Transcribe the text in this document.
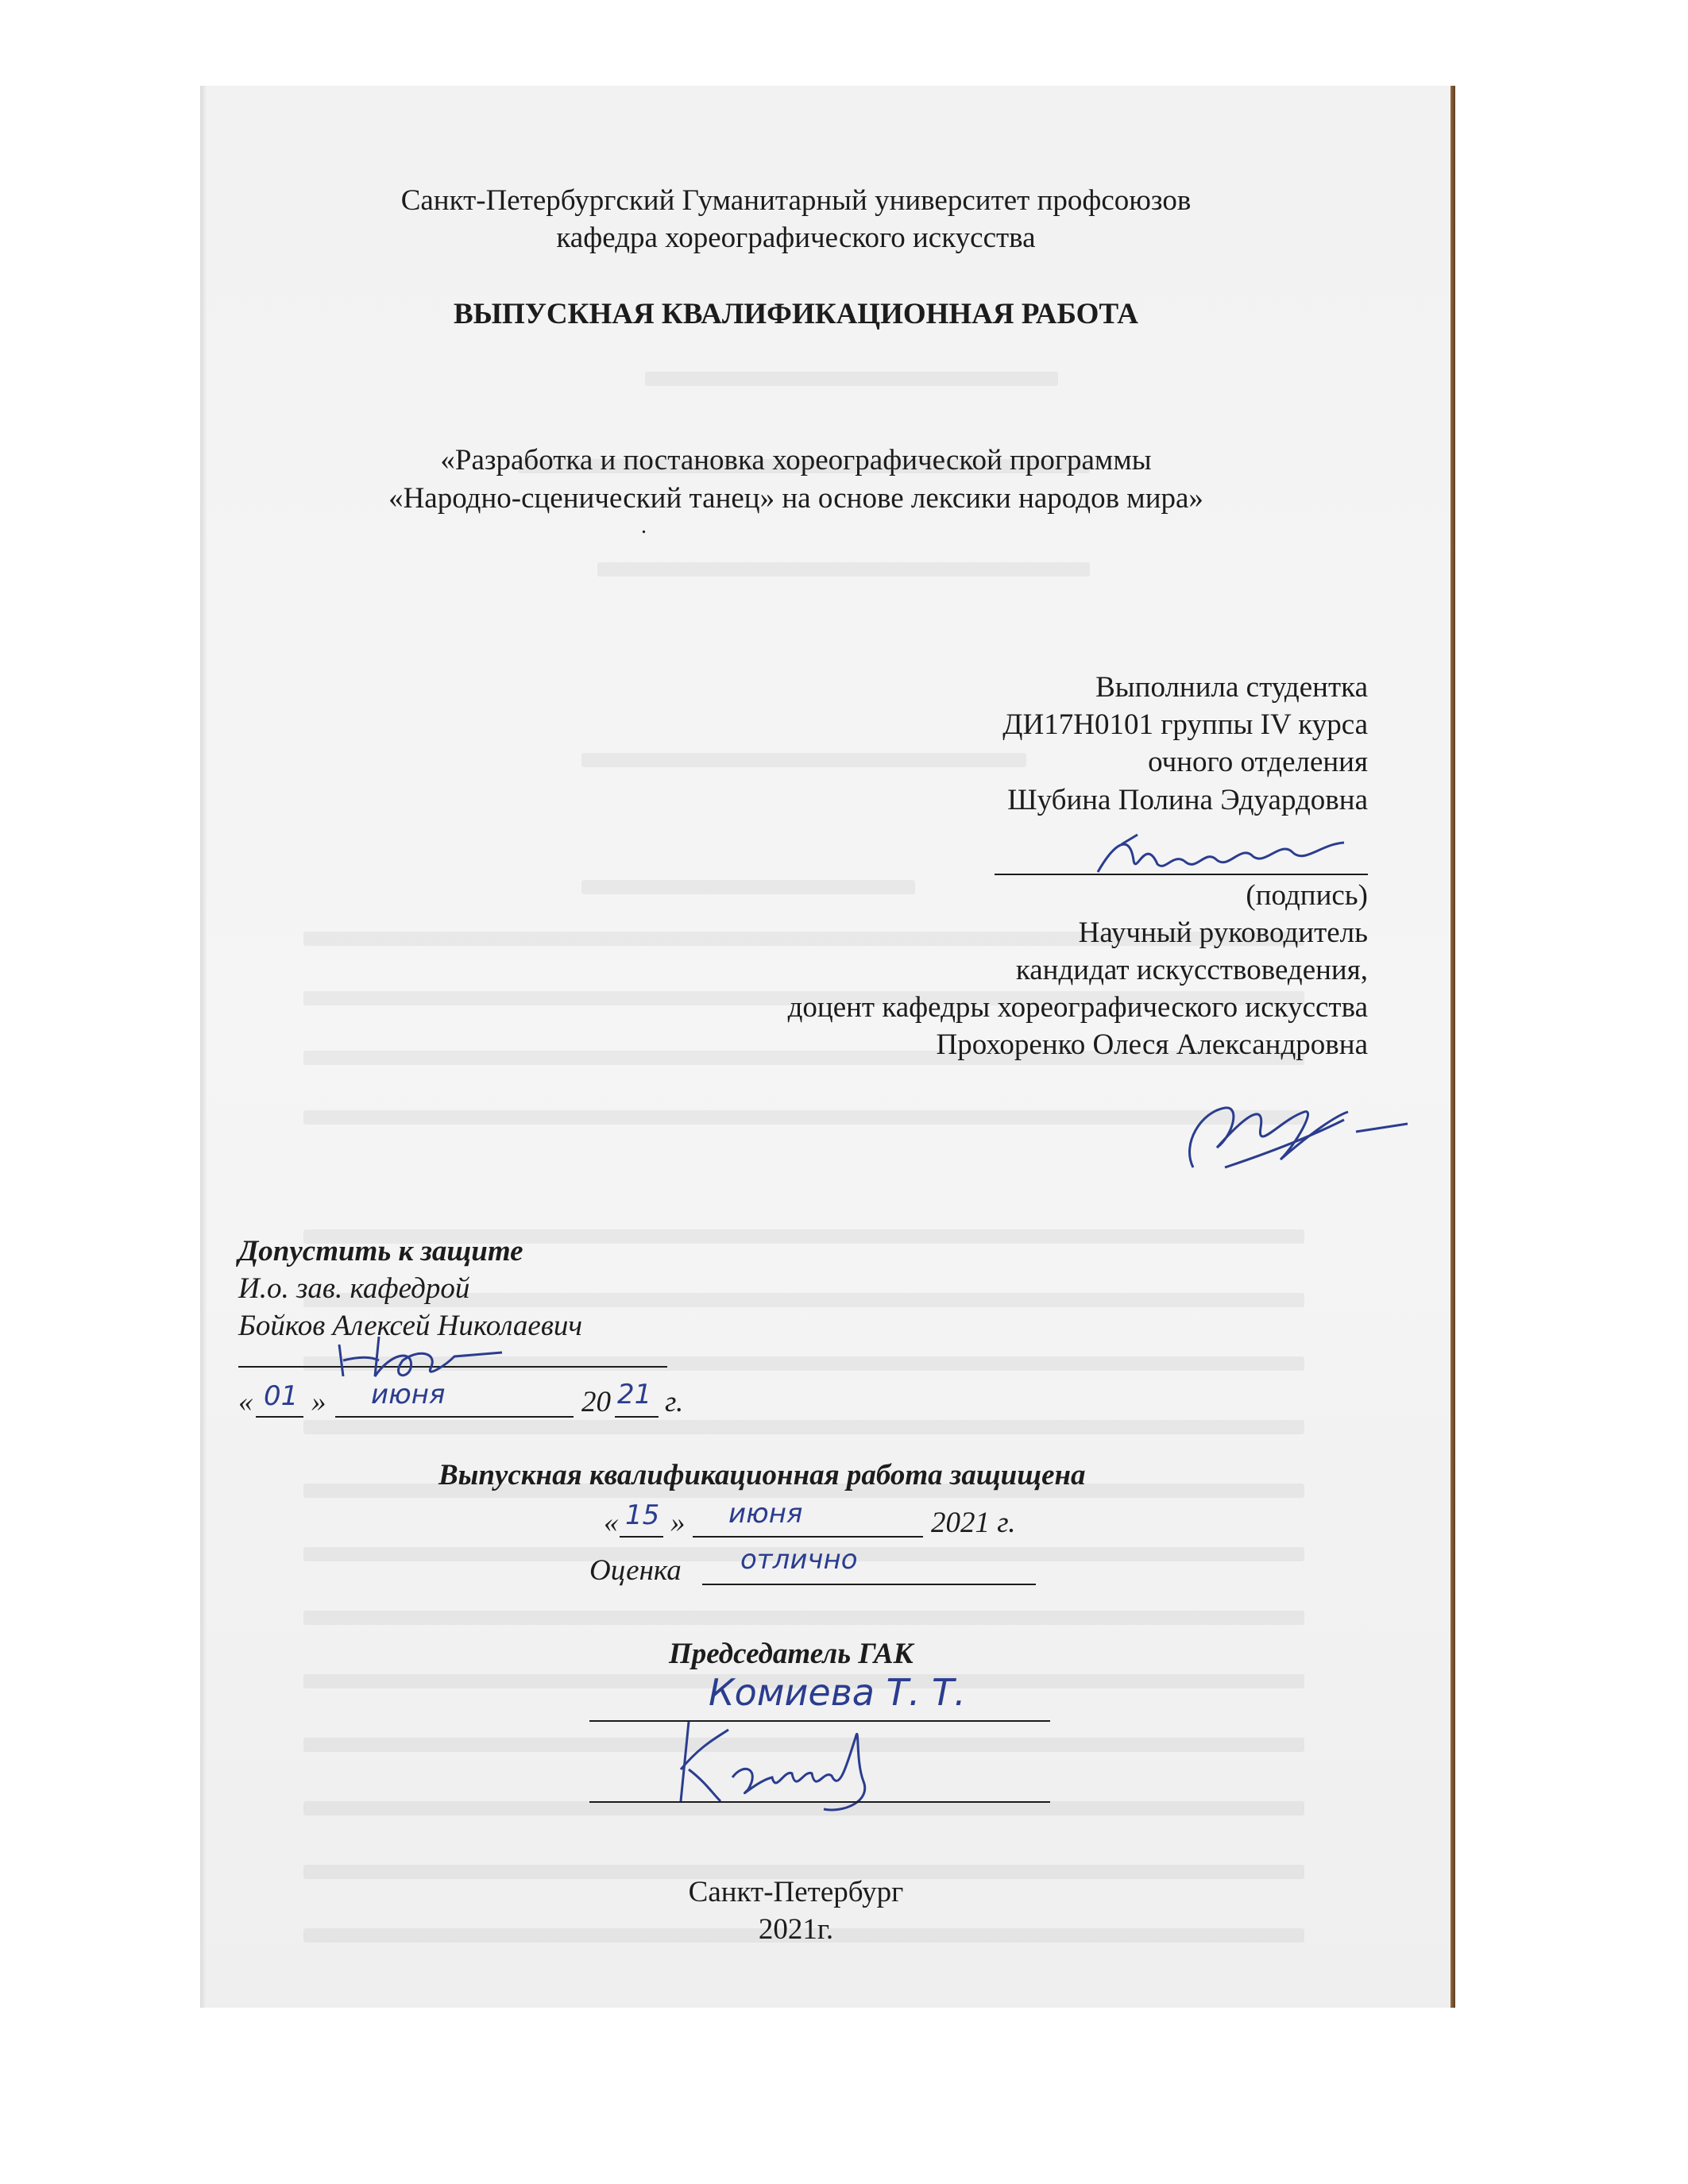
Санкт-Петербургский Гуманитарный университет профсоюзов
кафедра хореографического искусства
ВЫПУСКНАЯ КВАЛИФИКАЦИОННАЯ РАБОТА
«Разработка и постановка хореографической программы
«Народно-сценический танец» на основе лексики народов мира»
.
Выполнила студентка
ДИ17Н0101 группы IV курса
очного отделения
Шубина Полина Эдуардовна
(подпись)
Научный руководитель
кандидат искусствоведения,
доцент кафедры хореографического искусства
Прохоренко Олеся Александровна
Допустить к защите
И.о. зав. кафедрой
Бойков Алексей Николаевич
« 01 » июня	20 21 г.
Выпускная квалификационная работа защищена
« 15 » июня	2021 г.
Оценка отлично
Председатель ГАК
Комиева Т. Т.
Санкт-Петербург
2021г.
